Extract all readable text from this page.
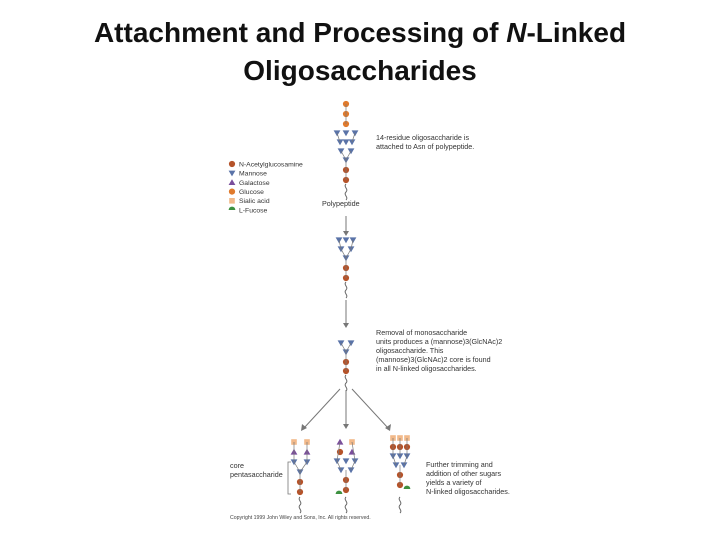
Attachment and Processing of N-Linked
Oligosaccharides
N-Acetylglucosamine
Mannose
Galactose
Glucose
Sialic acid
L-Fucose
14-residue oligosaccharide is
attached to Asn of polypeptide.
Polypeptide
Removal of monosaccharide
units produces a (mannose)3(GlcNAc)2
oligosaccharide. This
(mannose)3(GlcNAc)2 core is found
in all N-linked oligosaccharides.
core
pentasaccharide
Further trimming and
addition of other sugars
yields a variety of
N-linked oligosaccharides.
Copyright 1999 John Wiley and Sons, Inc. All rights reserved.
